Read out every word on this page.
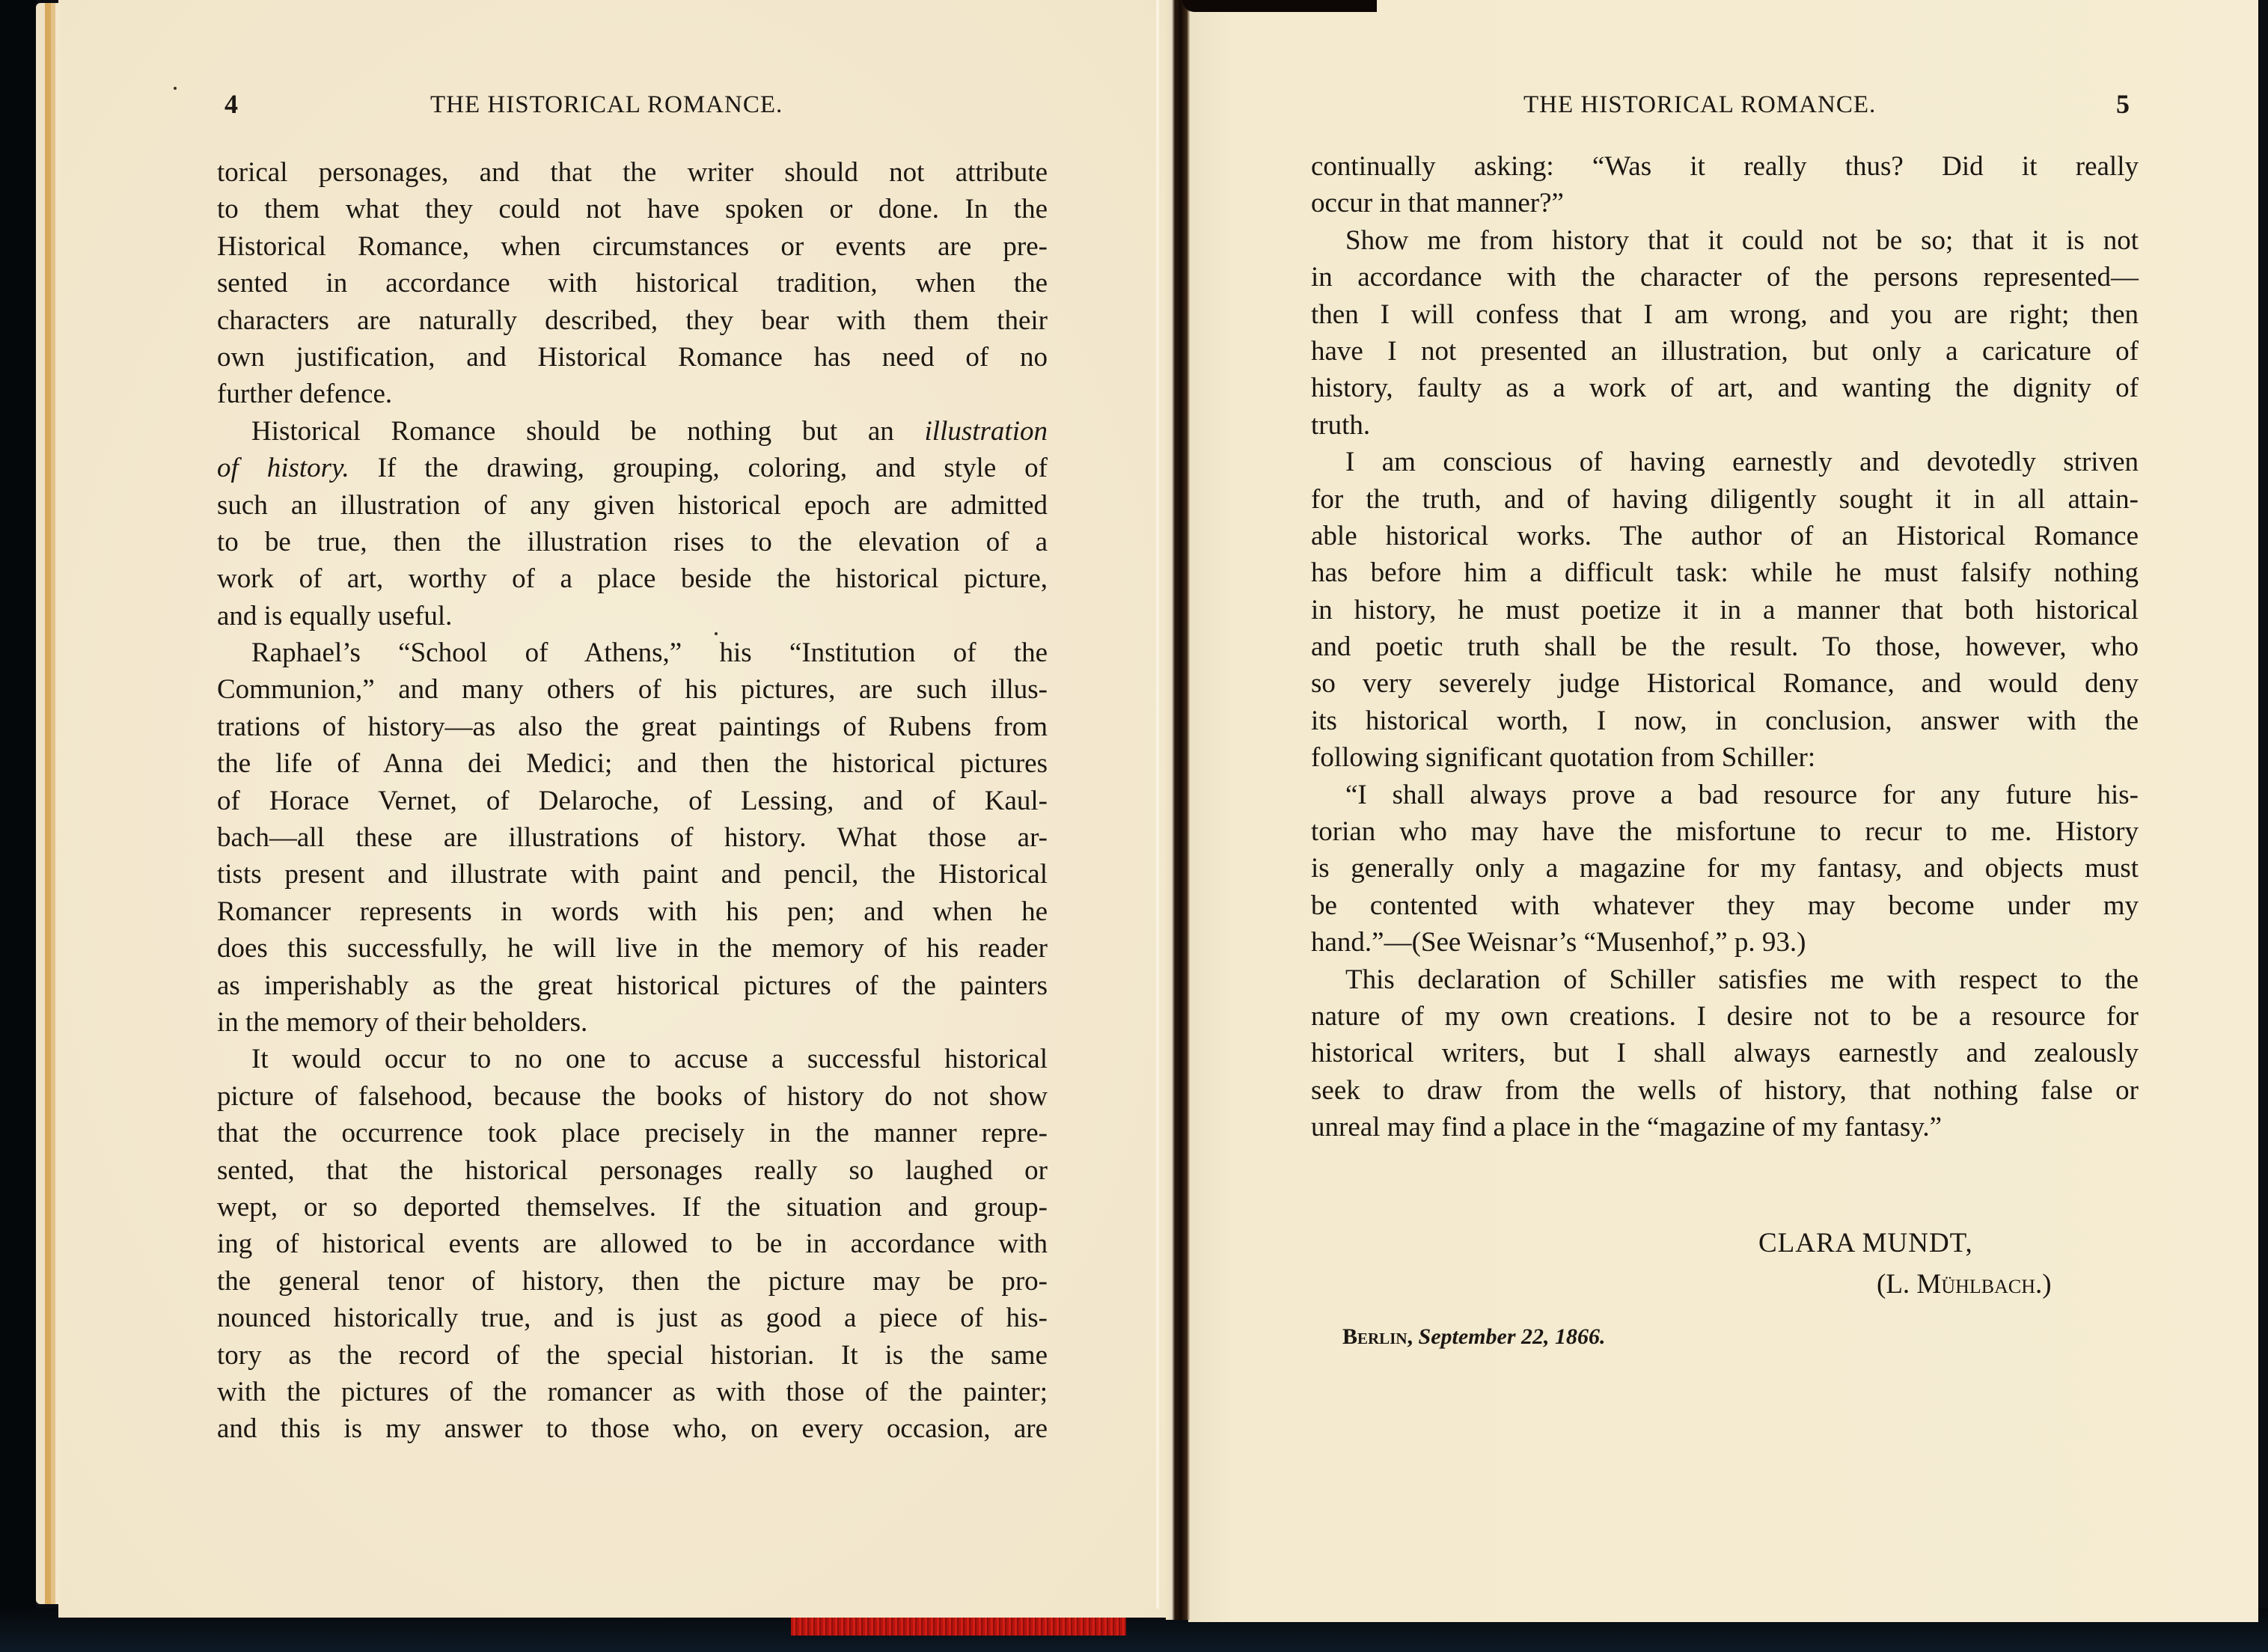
4	THE HISTORICAL ROMANCE.	THE HISTORICAL ROMANCE.	5
torical personages, and that the writer should not attribute
to them what they could not have spoken or done. In the
Historical Romance, when circumstances or events are pre-
sented in accordance with historical tradition, when the
characters are naturally described, they bear with them their
own justification, and Historical Romance has need of no
further defence.
Historical Romance should be nothing but an illustration
of history. If the drawing, grouping, coloring, and style of
such an illustration of any given historical epoch are admitted
to be true, then the illustration rises to the elevation of a
work of art, worthy of a place beside the historical picture,
and is equally useful.
Raphael’s “School of Athens,” his “Institution of the
Communion,” and many others of his pictures, are such illus-
trations of history—as also the great paintings of Rubens from
the life of Anna dei Medici; and then the historical pictures
of Horace Vernet, of Delaroche, of Lessing, and of Kaul-
bach—all these are illustrations of history. What those ar-
tists present and illustrate with paint and pencil, the Historical
Romancer represents in words with his pen; and when he
does this successfully, he will live in the memory of his reader
as imperishably as the great historical pictures of the painters
in the memory of their beholders.
It would occur to no one to accuse a successful historical
picture of falsehood, because the books of history do not show
that the occurrence took place precisely in the manner repre-
sented, that the historical personages really so laughed or
wept, or so deported themselves. If the situation and group-
ing of historical events are allowed to be in accordance with
the general tenor of history, then the picture may be pro-
nounced historically true, and is just as good a piece of his-
tory as the record of the special historian. It is the same
with the pictures of the romancer as with those of the painter;
and this is my answer to those who, on every occasion, are
continually asking: “Was it really thus? Did it really
occur in that manner?”
Show me from history that it could not be so; that it is not
in accordance with the character of the persons represented—
then I will confess that I am wrong, and you are right; then
have I not presented an illustration, but only a caricature of
history, faulty as a work of art, and wanting the dignity of
truth.
I am conscious of having earnestly and devotedly striven
for the truth, and of having diligently sought it in all attain-
able historical works. The author of an Historical Romance
has before him a difficult task: while he must falsify nothing
in history, he must poetize it in a manner that both historical
and poetic truth shall be the result. To those, however, who
so very severely judge Historical Romance, and would deny
its historical worth, I now, in conclusion, answer with the
following significant quotation from Schiller:
“I shall always prove a bad resource for any future his-
torian who may have the misfortune to recur to me. History
is generally only a magazine for my fantasy, and objects must
be contented with whatever they may become under my
hand.”—(See Weisnar’s “Musenhof,” p. 93.)
This declaration of Schiller satisfies me with respect to the
nature of my own creations. I desire not to be a resource for
historical writers, but I shall always earnestly and zealously
seek to draw from the wells of history, that nothing false or
unreal may find a place in the “magazine of my fantasy.”
CLARA MUNDT,
(L. Mühlbach.)
Berlin, September 22, 1866.
